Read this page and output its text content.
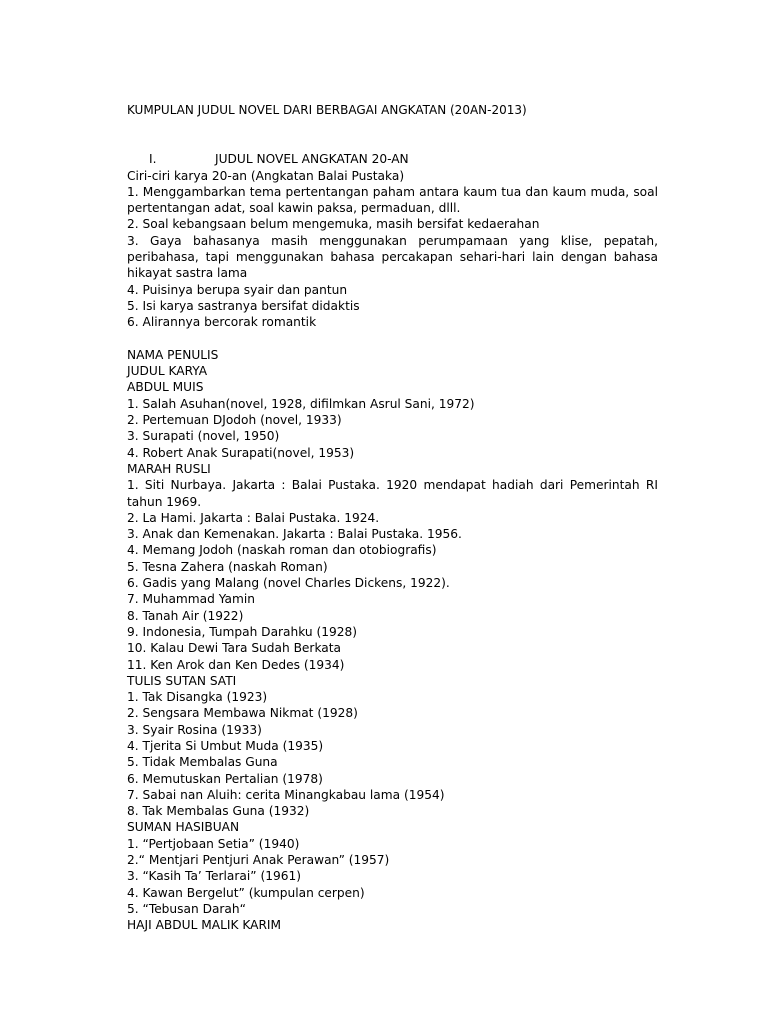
KUMPULAN JUDUL NOVEL DARI BERBAGAI ANGKATAN (20AN-2013)
I.	JUDUL NOVEL ANGKATAN 20-AN
Ciri-ciri karya 20-an (Angkatan Balai Pustaka)
1. Menggambarkan tema pertentangan paham antara kaum tua dan kaum muda, soal pertentangan adat, soal kawin paksa, permaduan, dlll.
2. Soal kebangsaan belum mengemuka, masih bersifat kedaerahan
3. Gaya bahasanya masih menggunakan perumpamaan yang klise, pepatah, peribahasa, tapi menggunakan bahasa percakapan sehari-hari lain dengan bahasa hikayat sastra lama
4. Puisinya berupa syair dan pantun
5. Isi karya sastranya bersifat didaktis
6. Alirannya bercorak romantik
NAMA PENULIS
JUDUL KARYA
ABDUL MUIS
1. Salah Asuhan(novel, 1928, difilmkan Asrul Sani, 1972)
2. Pertemuan DJodoh (novel, 1933)
3. Surapati (novel, 1950)
4. Robert Anak Surapati(novel, 1953)
MARAH RUSLI
1. Siti Nurbaya. Jakarta : Balai Pustaka. 1920 mendapat hadiah dari Pemerintah RI tahun 1969.
2. La Hami. Jakarta : Balai Pustaka. 1924.
3. Anak dan Kemenakan. Jakarta : Balai Pustaka. 1956.
4. Memang Jodoh (naskah roman dan otobiografis)
5. Tesna Zahera (naskah Roman)
6. Gadis yang Malang (novel Charles Dickens, 1922).
7. Muhammad Yamin
8. Tanah Air (1922)
9. Indonesia, Tumpah Darahku (1928)
10. Kalau Dewi Tara Sudah Berkata
11. Ken Arok dan Ken Dedes (1934)
TULIS SUTAN SATI
1. Tak Disangka (1923)
2. Sengsara Membawa Nikmat (1928)
3. Syair Rosina (1933)
4. Tjerita Si Umbut Muda (1935)
5. Tidak Membalas Guna
6. Memutuskan Pertalian (1978)
7. Sabai nan Aluih: cerita Minangkabau lama (1954)
8. Tak Membalas Guna (1932)
SUMAN HASIBUAN
1. “Pertjobaan Setia” (1940)
2.“ Mentjari Pentjuri Anak Perawan” (1957)
3. “Kasih Ta’ Terlarai” (1961)
4. Kawan Bergelut” (kumpulan cerpen)
5. “Tebusan Darah“
HAJI ABDUL MALIK KARIM
